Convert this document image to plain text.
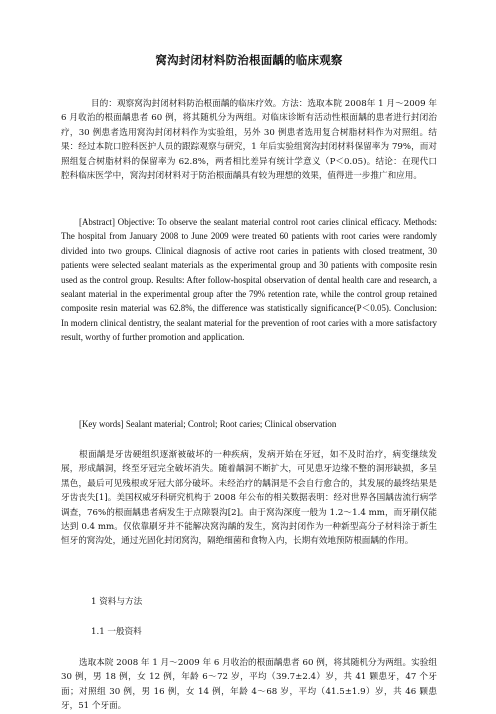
窝沟封闭材料防治根面龋的临床观察

目的：观察窝沟封闭材料防治根面龋的临床疗效。方法：选取本院 2008年 1 月～2009 年 6 月收治的根面龋患者 60 例，将其随机分为两组。对临床诊断有活动性根面龋的患者进行封闭治疗，30 例患者选用窝沟封闭材料作为实验组，另外 30 例患者选用复合树脂材料作为对照组。结果：经过本院口腔科医护人员的跟踪观察与研究，1 年后实验组窝沟封闭材料保留率为 79%，而对照组复合树脂材料的保留率为 62.8%，两者相比差异有统计学意义（P＜0.05)。结论：在现代口腔科临床医学中，窝沟封闭材料对于防治根面龋具有较为理想的效果，值得进一步推广和应用。

[Abstract] Objective: To observe the sealant material control root caries clinical efficacy. Methods: The hospital from January 2008 to June 2009 were treated 60 patients with root caries were randomly divided into two groups. Clinical diagnosis of active root caries in patients with closed treatment, 30 patients were selected sealant materials as the experimental group and 30 patients with composite resin used as the control group. Results: After follow-hospital observation of dental health care and research, a sealant material in the experimental group after the 79% retention rate, while the control group retained composite resin material was 62.8%, the difference was statistically significance(P＜0.05). Conclusion: In modern clinical dentistry, the sealant material for the prevention of root caries with a more satisfactory result, worthy of further promotion and application.

[Key words] Sealant material; Control; Root caries; Clinical observation

根面龋是牙齿硬组织逐渐被破坏的一种疾病，发病开始在牙冠，如不及时治疗，病变继续发展，形成龋洞，终至牙冠完全破坏消失。随着龋洞不断扩大，可见患牙边缘不整的洞形缺损，多呈黑色，最后可见残根或牙冠大部分破坏。未经治疗的龋洞是不会自行愈合的，其发展的最终结果是牙齿丧失[1]。美国权威牙科研究机构于 2008 年公布的相关数据表明：经对世界各国龋齿流行病学调查，76%的根面龋患者病发生于点隙裂沟[2]。由于窝沟深度一般为 1.2～1.4 mm，而牙刷仅能达到 0.4 mm。仅依靠刷牙并不能解决窝沟龋的发生，窝沟封闭作为一种新型高分子材料涂于新生恒牙的窝沟处，通过光固化封闭窝沟，隔绝细菌和食物入内，长期有效地预防根面龋的作用。

1 资料与方法

1.1 一般资料

选取本院 2008 年 1 月～2009 年 6 月收治的根面龋患者 60 例，将其随机分为两组。实验组 30 例，男 18 例，女 12 例，年龄 6～72 岁，平均（39.7±2.4）岁，共 41 颗患牙，47 个牙面；对照组 30 例，男 16 例，女 14 例，年龄 4～68 岁，平均（41.5±1.9）岁，共 46 颗患牙，51 个牙面。
